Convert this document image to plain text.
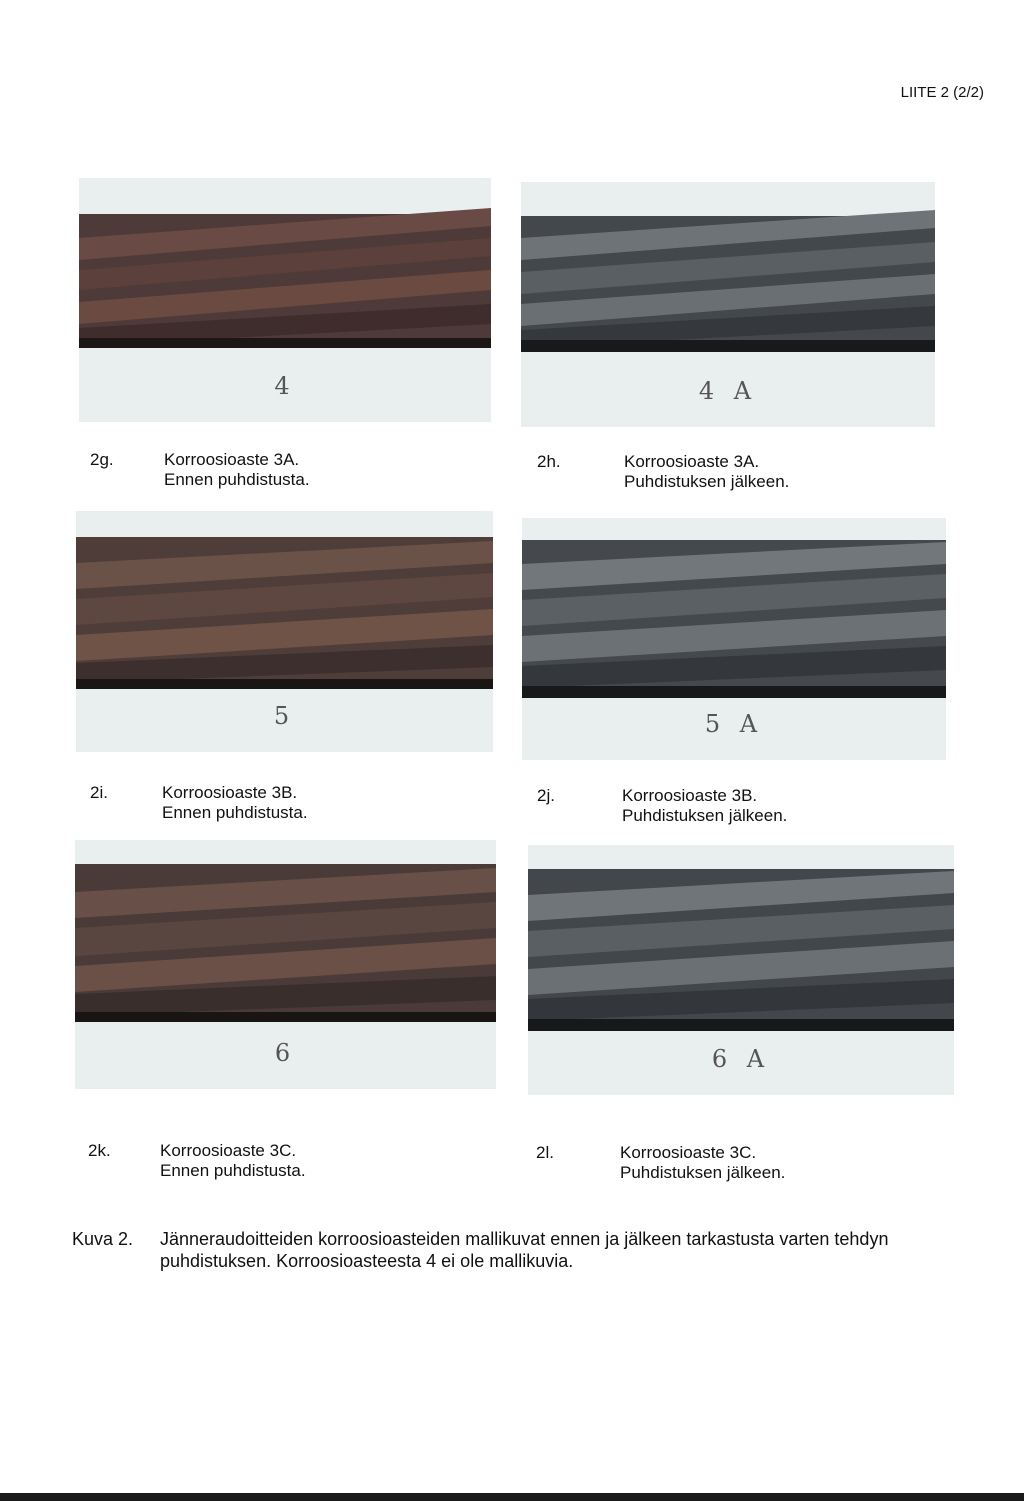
LIITE 2 (2/2)
4	4 A
2g.	Korroosioaste 3A.
Ennen puhdistusta.
2h.	Korroosioaste 3A.
Puhdistuksen jälkeen.
5	5 A
2i.	Korroosioaste 3B.
Ennen puhdistusta.
2j.	Korroosioaste 3B.
Puhdistuksen jälkeen.
6	6 A
2k.	Korroosioaste 3C.
Ennen puhdistusta.
2l.	Korroosioaste 3C.
Puhdistuksen jälkeen.
Kuva 2. Jänneraudoitteiden korroosioasteiden mallikuvat ennen ja jälkeen tarkastusta varten tehdyn puhdistuksen. Korroosioasteesta 4 ei ole mallikuvia.
